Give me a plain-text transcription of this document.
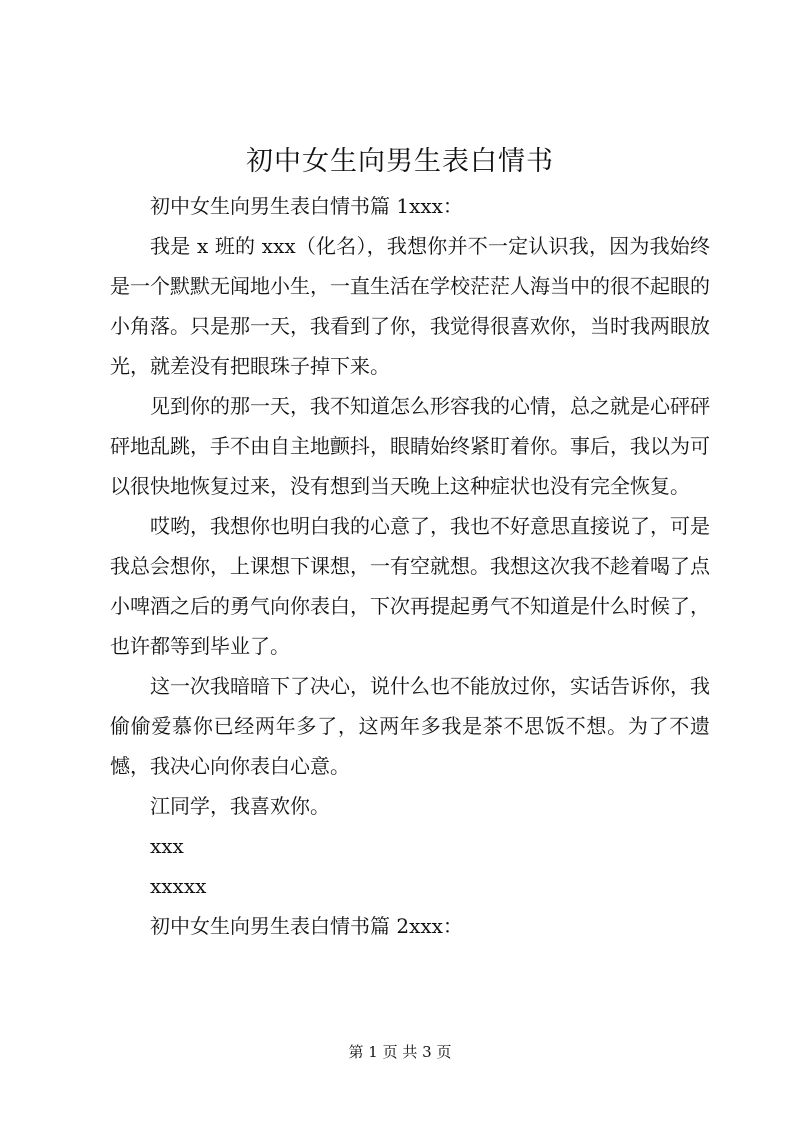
初中女生向男生表白情书

初中女生向男生表白情书篇 1xxx：

我是 x 班的 xxx（化名），我想你并不一定认识我，因为我始终是一个默默无闻地小生，一直生活在学校茫茫人海当中的很不起眼的小角落。只是那一天，我看到了你，我觉得很喜欢你，当时我两眼放光，就差没有把眼珠子掉下来。

见到你的那一天，我不知道怎么形容我的心情，总之就是心砰砰砰地乱跳，手不由自主地颤抖，眼睛始终紧盯着你。事后，我以为可以很快地恢复过来，没有想到当天晚上这种症状也没有完全恢复。

哎哟，我想你也明白我的心意了，我也不好意思直接说了，可是我总会想你，上课想下课想，一有空就想。我想这次我不趁着喝了点小啤酒之后的勇气向你表白，下次再提起勇气不知道是什么时候了，也许都等到毕业了。

这一次我暗暗下了决心，说什么也不能放过你，实话告诉你，我偷偷爱慕你已经两年多了，这两年多我是茶不思饭不想。为了不遗憾，我决心向你表白心意。

江同学，我喜欢你。

xxx

xxxxx

初中女生向男生表白情书篇 2xxx：

第 1 页 共 3 页
